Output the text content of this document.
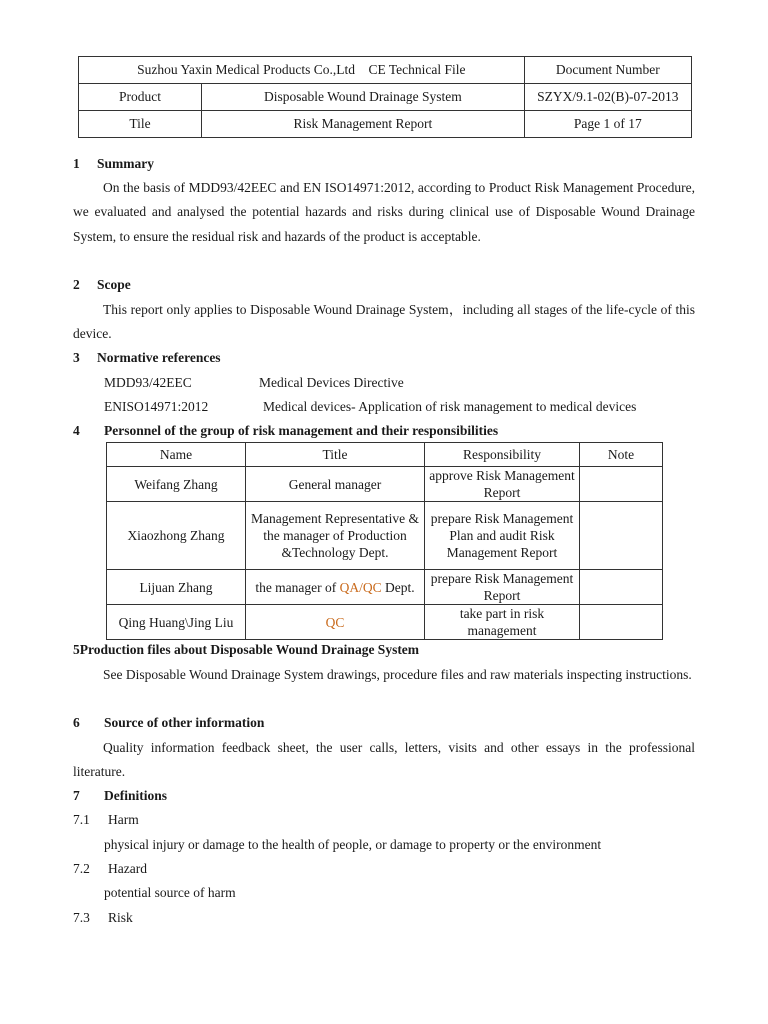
Suzhou Yaxin Medical Products Co.,Ltd CE Technical File		Document Number
Product	Disposable Wound Drainage System	SZYX/9.1-02(B)-07-2013
Tile	Risk Management Report	Page 1 of 17

1 Summary

On the basis of MDD93/42EEC and EN ISO14971:2012, according to Product Risk Management Procedure, we evaluated and analysed the potential hazards and risks during clinical use of Disposable Wound Drainage System, to ensure the residual risk and hazards of the product is acceptable.

2 Scope

This report only applies to Disposable Wound Drainage System，including all stages of the life-cycle of this device.

3 Normative references

MDD93/42EEC	Medical Devices Directive

ENISO14971:2012	Medical devices- Application of risk management to medical devices

4 Personnel of the group of risk management and their responsibilities

Name	Title	Responsibility	Note
Weifang Zhang	General manager	approve Risk Management Report	
Xiaozhong Zhang	Management Representative & the manager of Production &Technology Dept.	prepare Risk Management Plan and audit Risk Management Report	
Lijuan Zhang	the manager of QA/QC Dept.	prepare Risk Management Report	
Qing Huang\Jing Liu	QC	take part in risk management	

5Production files about Disposable Wound Drainage System

See Disposable Wound Drainage System drawings, procedure files and raw materials inspecting instructions.

6 Source of other information

Quality information feedback sheet, the user calls, letters, visits and other essays in the professional literature.

7 Definitions

7.1 Harm

physical injury or damage to the health of people, or damage to property or the environment

7.2 Hazard

potential source of harm

7.3 Risk
